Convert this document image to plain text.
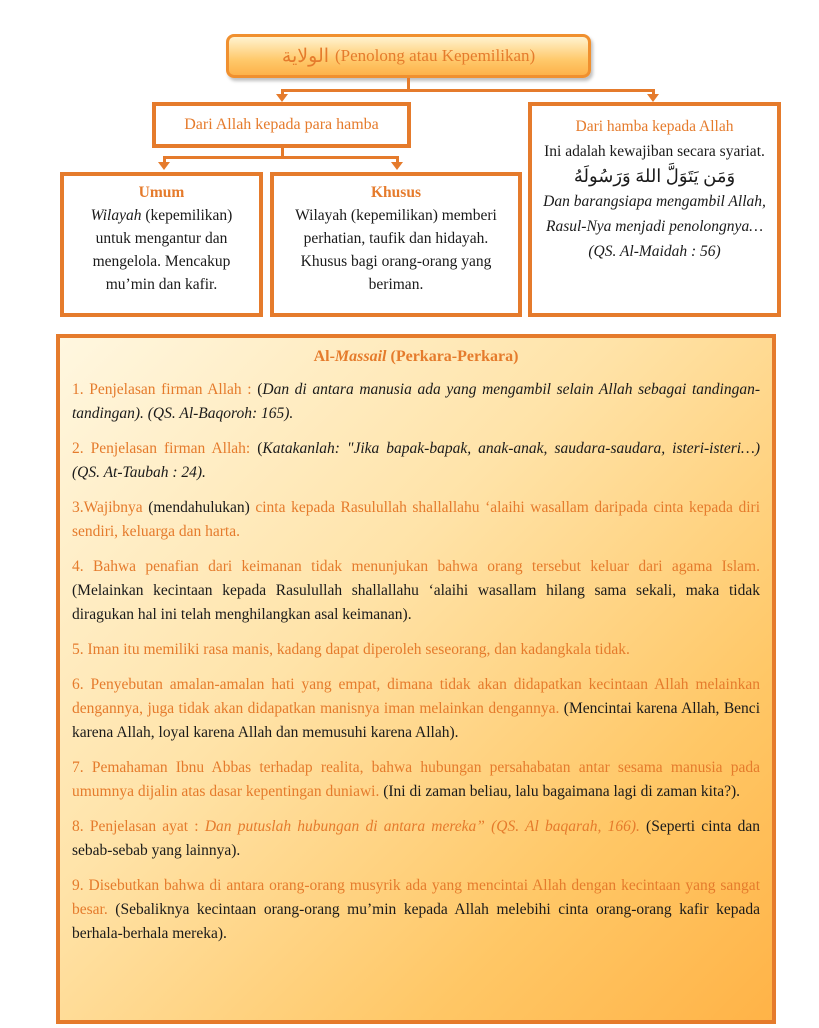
الولاية (Penolong atau Kepemilikan)
Dari Allah kepada para hamba	Dari hamba kepada Allah
Ini adalah kewajiban secara syariat.
وَمَن يَتَوَلَّ اللهَ وَرَسُولَهُ
Dan barangsiapa mengambil Allah, Rasul-Nya menjadi penolongnya…(QS. Al-Maidah : 56)
Umum
Wilayah (kepemilikan) untuk mengantur dan mengelola. Mencakup mu’min dan kafir.
Khusus
Wilayah (kepemilikan) memberi perhatian, taufik dan hidayah. Khusus bagi orang-orang yang beriman.
Al-Massail (Perkara-Perkara)
1. Penjelasan firman Allah : (Dan di antara manusia ada yang mengambil selain Allah sebagai tandingan-tandingan). (QS. Al-Baqoroh: 165).
2. Penjelasan firman Allah: (Katakanlah: "Jika bapak-bapak, anak-anak, saudara-saudara, isteri-isteri…) (QS. At-Taubah : 24).
3.Wajibnya (mendahulukan) cinta kepada Rasulullah shallallahu ‘alaihi wasallam daripada cinta kepada diri sendiri, keluarga dan harta.
4. Bahwa penafian dari keimanan tidak menunjukan bahwa orang tersebut keluar dari agama Islam. (Melainkan kecintaan kepada Rasulullah shallallahu ‘alaihi wasallam hilang sama sekali, maka tidak diragukan hal ini telah menghilangkan asal keimanan).
5. Iman itu memiliki rasa manis, kadang dapat diperoleh seseorang, dan kadangkala tidak.
6. Penyebutan amalan-amalan hati yang empat, dimana tidak akan didapatkan kecintaan Allah melainkan dengannya, juga tidak akan didapatkan manisnya iman melainkan dengannya. (Mencintai karena Allah, Benci karena Allah, loyal karena Allah dan memusuhi karena Allah).
7. Pemahaman Ibnu Abbas terhadap realita, bahwa hubungan persahabatan antar sesama manusia pada umumnya dijalin atas dasar kepentingan duniawi. (Ini di zaman beliau, lalu bagaimana lagi di zaman kita?).
8. Penjelasan ayat : Dan putuslah hubungan di antara mereka” (QS. Al baqarah, 166). (Seperti cinta dan sebab-sebab yang lainnya).
9. Disebutkan bahwa di antara orang-orang musyrik ada yang mencintai Allah dengan kecintaan yang sangat besar. (Sebaliknya kecintaan orang-orang mu’min kepada Allah melebihi cinta orang-orang kafir kepada berhala-berhala mereka).
